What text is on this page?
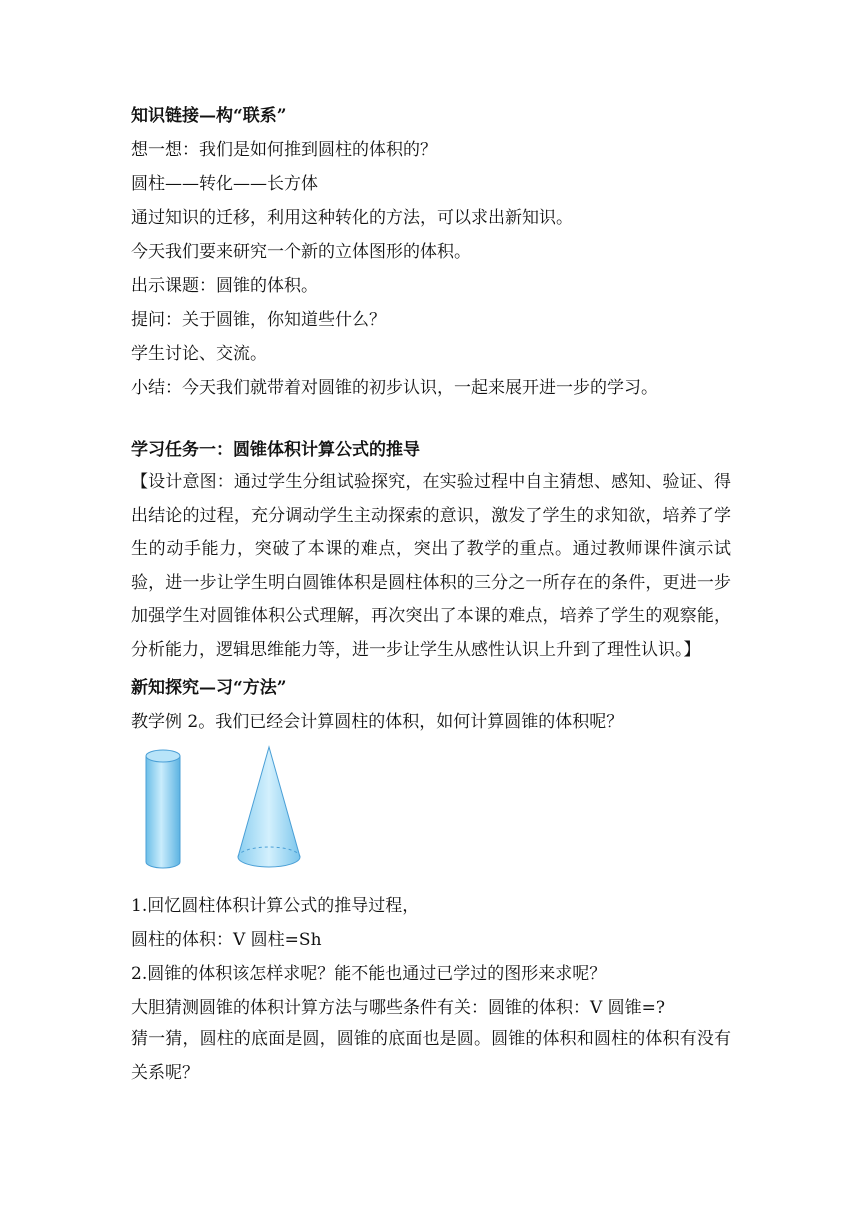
知识链接—构“联系”
想一想：我们是如何推到圆柱的体积的？
圆柱——转化——长方体
通过知识的迁移，利用这种转化的方法，可以求出新知识。
今天我们要来研究一个新的立体图形的体积。
出示课题：圆锥的体积。
提问：关于圆锥，你知道些什么？
学生讨论、交流。
小结：今天我们就带着对圆锥的初步认识，一起来展开进一步的学习。
学习任务一：圆锥体积计算公式的推导
【设计意图：通过学生分组试验探究，在实验过程中自主猜想、感知、验证、得出结论的过程，充分调动学生主动探索的意识，激发了学生的求知欲，培养了学生的动手能力，突破了本课的难点，突出了教学的重点。通过教师课件演示试验，进一步让学生明白圆锥体积是圆柱体积的三分之一所存在的条件，更进一步加强学生对圆锥体积公式理解，再次突出了本课的难点，培养了学生的观察能，分析能力，逻辑思维能力等，进一步让学生从感性认识上升到了理性认识。】
新知探究—习“方法”
教学例 2。我们已经会计算圆柱的体积，如何计算圆锥的体积呢？
1.回忆圆柱体积计算公式的推导过程，
圆柱的体积：V 圆柱=Sh
2.圆锥的体积该怎样求呢？能不能也通过已学过的图形来求呢？
大胆猜测圆锥的体积计算方法与哪些条件有关：圆锥的体积：V 圆锥=?
猜一猜，圆柱的底面是圆，圆锥的底面也是圆。圆锥的体积和圆柱的体积有没有关系呢？
